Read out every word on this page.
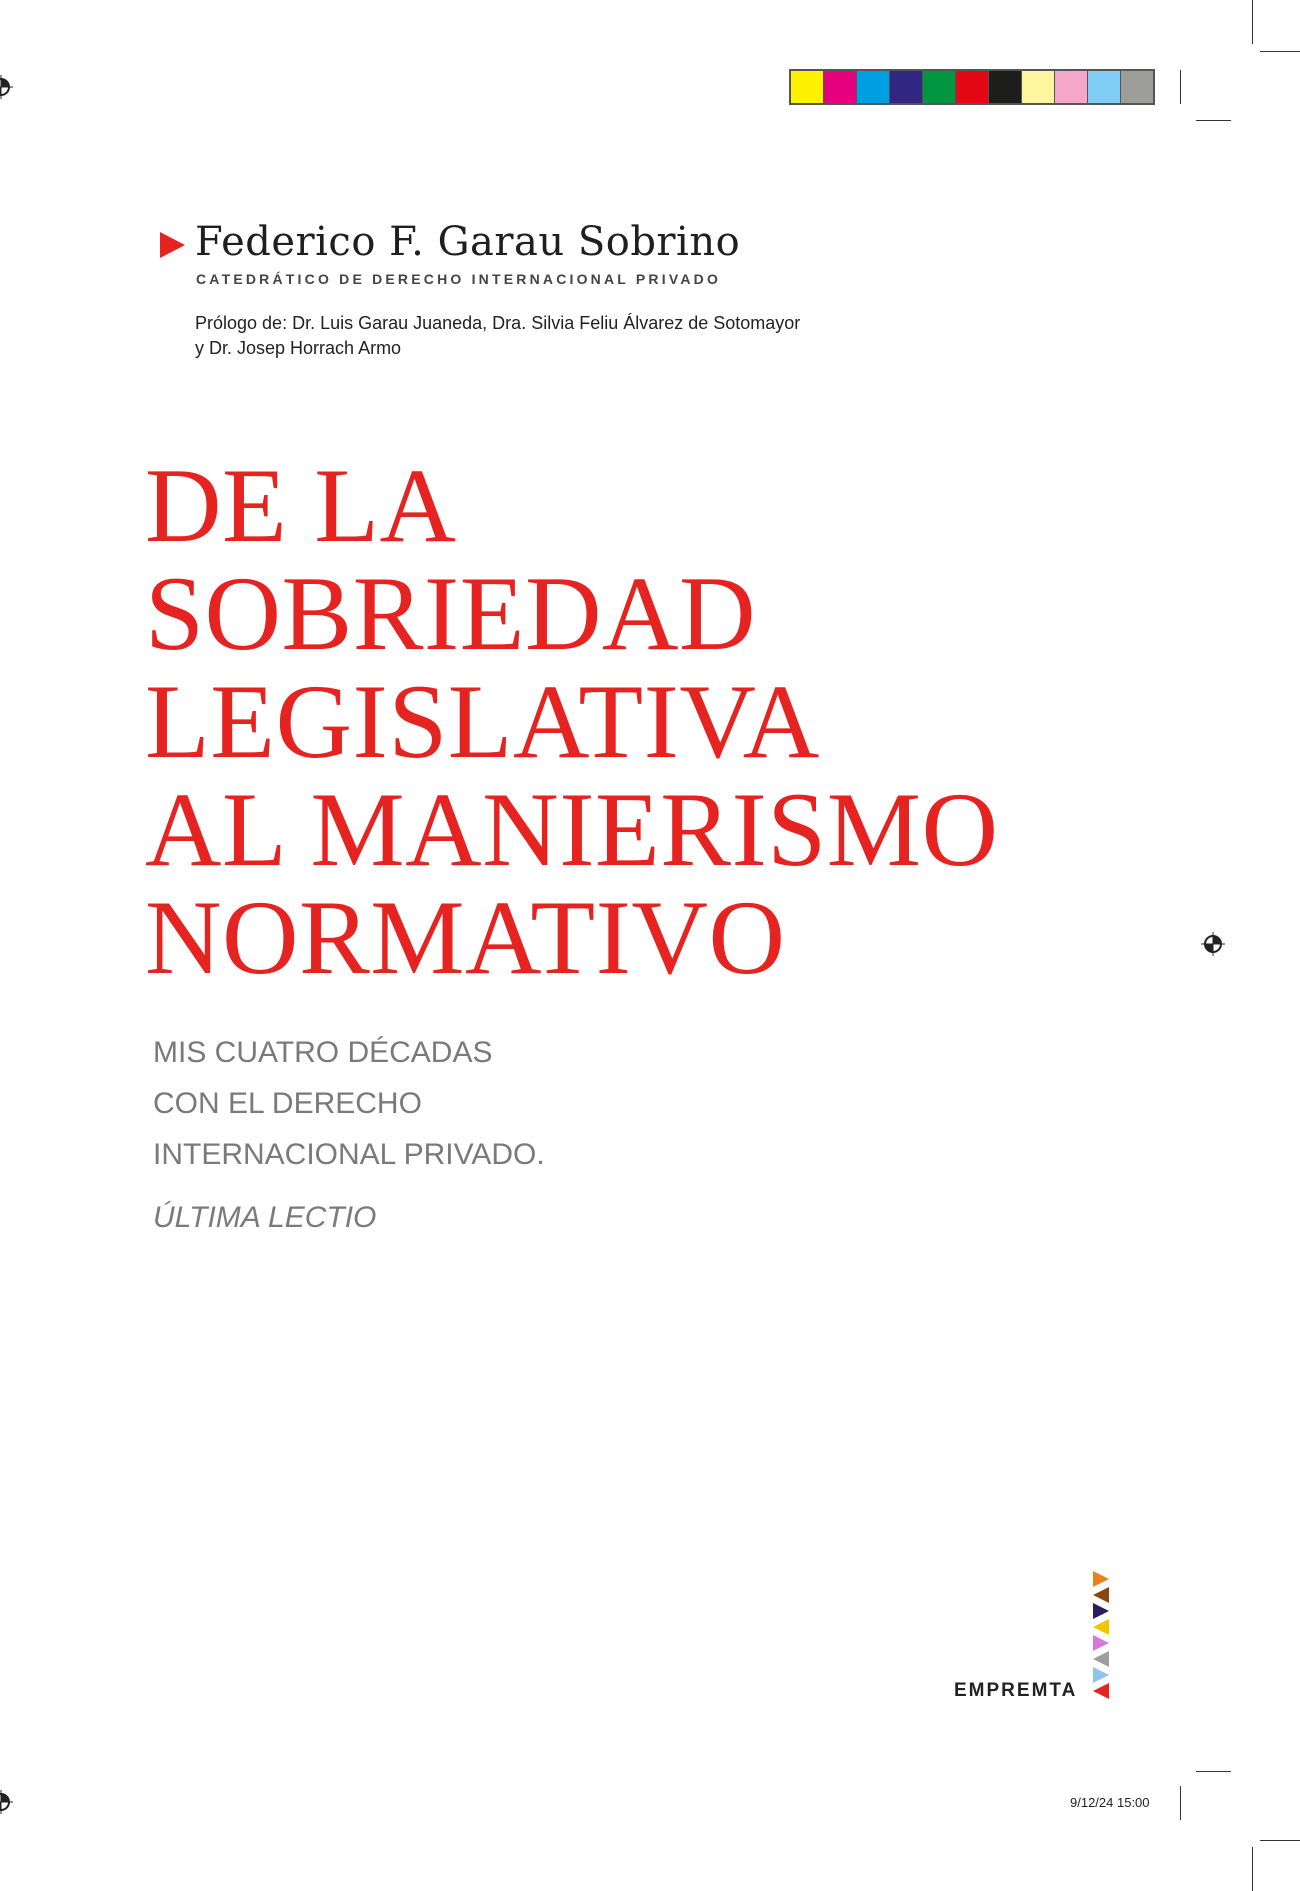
Federico F. Garau Sobrino
CATEDRÁTICO DE DERECHO INTERNACIONAL PRIVADO
Prólogo de: Dr. Luis Garau Juaneda, Dra. Silvia Feliu Álvarez de Sotomayor
y Dr. Josep Horrach Armo
DE LA
SOBRIEDAD
LEGISLATIVA
AL MANIERISMO
NORMATIVO
MIS CUATRO DÉCADAS
CON EL DERECHO
INTERNACIONAL PRIVADO.
ÚLTIMA LECTIO
EMPREMTA
9/12/24 15:00
